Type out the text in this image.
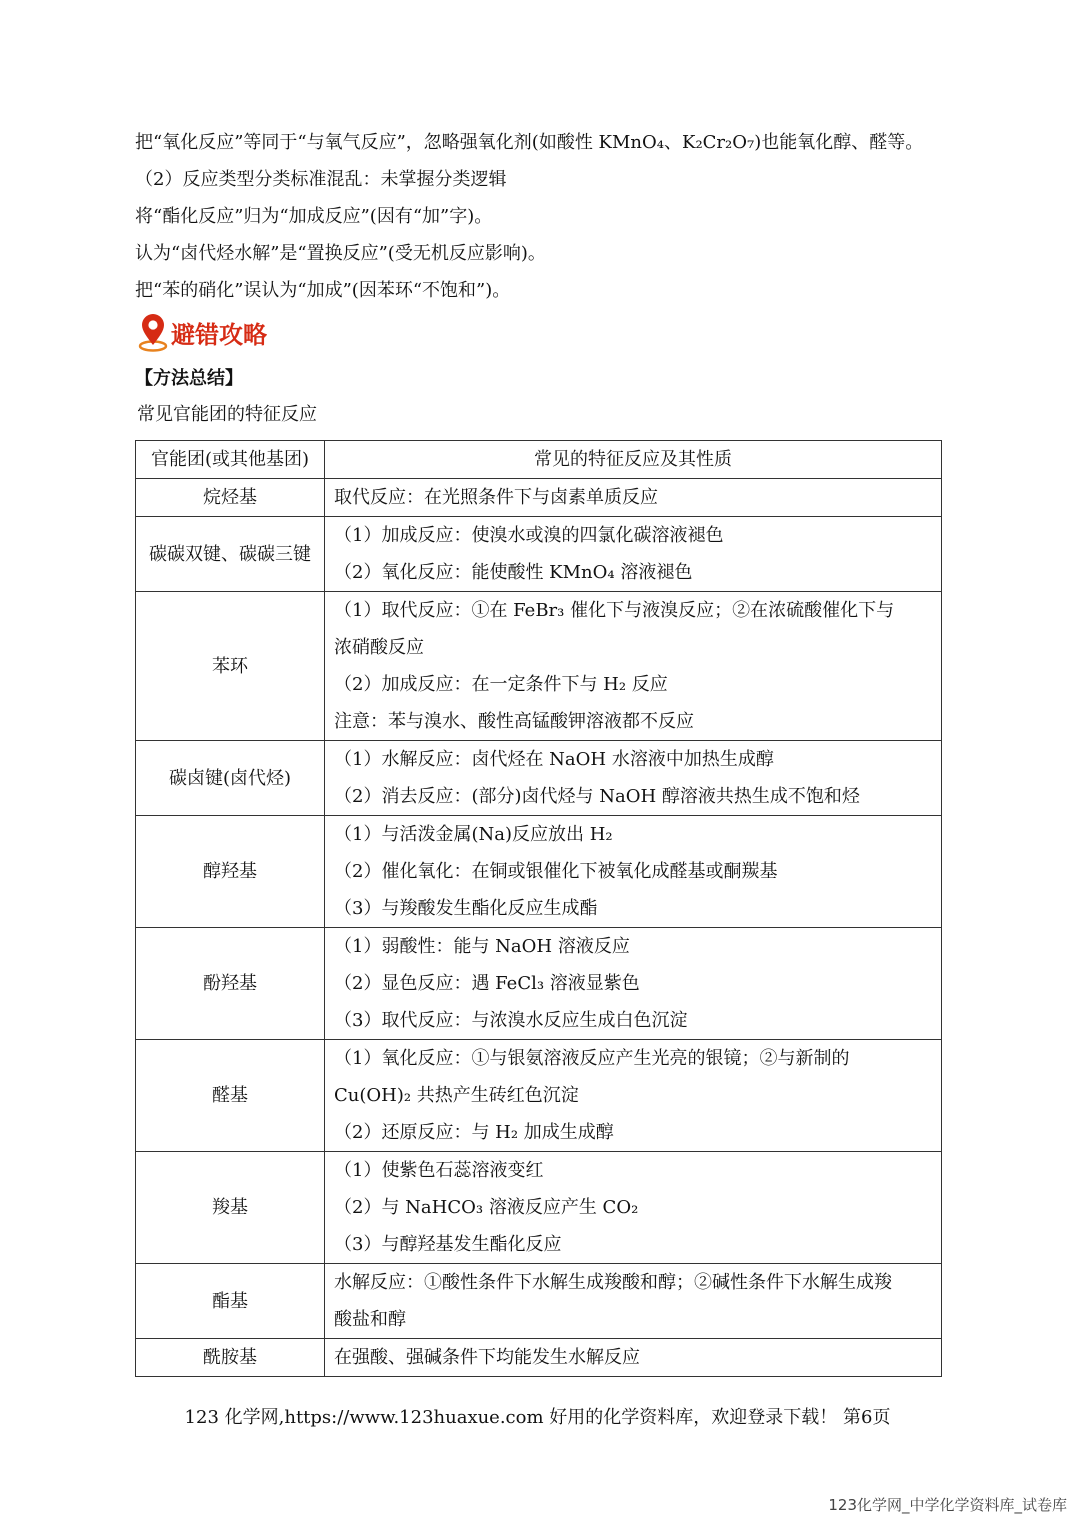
把“氧化反应”等同于“与氧气反应”，忽略强氧化剂(如酸性 KMnO₄、K₂Cr₂O₇)也能氧化醇、醛等。

（2）反应类型分类标准混乱：未掌握分类逻辑

将“酯化反应”归为“加成反应”(因有“加”字)。

认为“卤代烃水解”是“置换反应”(受无机反应影响)。

把“苯的硝化”误认为“加成”(因苯环“不饱和”)。

避错攻略
【方法总结】
常见官能团的特征反应
官能团(或其他基团)	常见的特征反应及其性质
烷烃基	取代反应：在光照条件下与卤素单质反应

碳碳双键、碳碳三键	（1）加成反应：使溴水或溴的四氯化碳溶液褪色
（2）氧化反应：能使酸性 KMnO₄ 溶液褪色

苯环	（1）取代反应：①在 FeBr₃ 催化下与液溴反应；②在浓硫酸催化下与
浓硝酸反应
（2）加成反应：在一定条件下与 H₂ 反应
注意：苯与溴水、酸性高锰酸钾溶液都不反应

碳卤键(卤代烃)	（1）水解反应：卤代烃在 NaOH 水溶液中加热生成醇
（2）消去反应：(部分)卤代烃与 NaOH 醇溶液共热生成不饱和烃

醇羟基	（1）与活泼金属(Na)反应放出 H₂
（2）催化氧化：在铜或银催化下被氧化成醛基或酮羰基
（3）与羧酸发生酯化反应生成酯

酚羟基	（1）弱酸性：能与 NaOH 溶液反应
（2）显色反应：遇 FeCl₃ 溶液显紫色
（3）取代反应：与浓溴水反应生成白色沉淀

醛基	（1）氧化反应：①与银氨溶液反应产生光亮的银镜；②与新制的
Cu(OH)₂ 共热产生砖红色沉淀
（2）还原反应：与 H₂ 加成生成醇

羧基	（1）使紫色石蕊溶液变红
（2）与 NaHCO₃ 溶液反应产生 CO₂
（3）与醇羟基发生酯化反应

酯基	水解反应：①酸性条件下水解生成羧酸和醇；②碱性条件下水解生成羧
酸盐和醇

酰胺基	在强酸、强碱条件下均能发生水解反应
123 化学网,https://www.123huaxue.com 好用的化学资料库，欢迎登录下载！ 第6页
123化学网_中学化学资料库_试卷库
